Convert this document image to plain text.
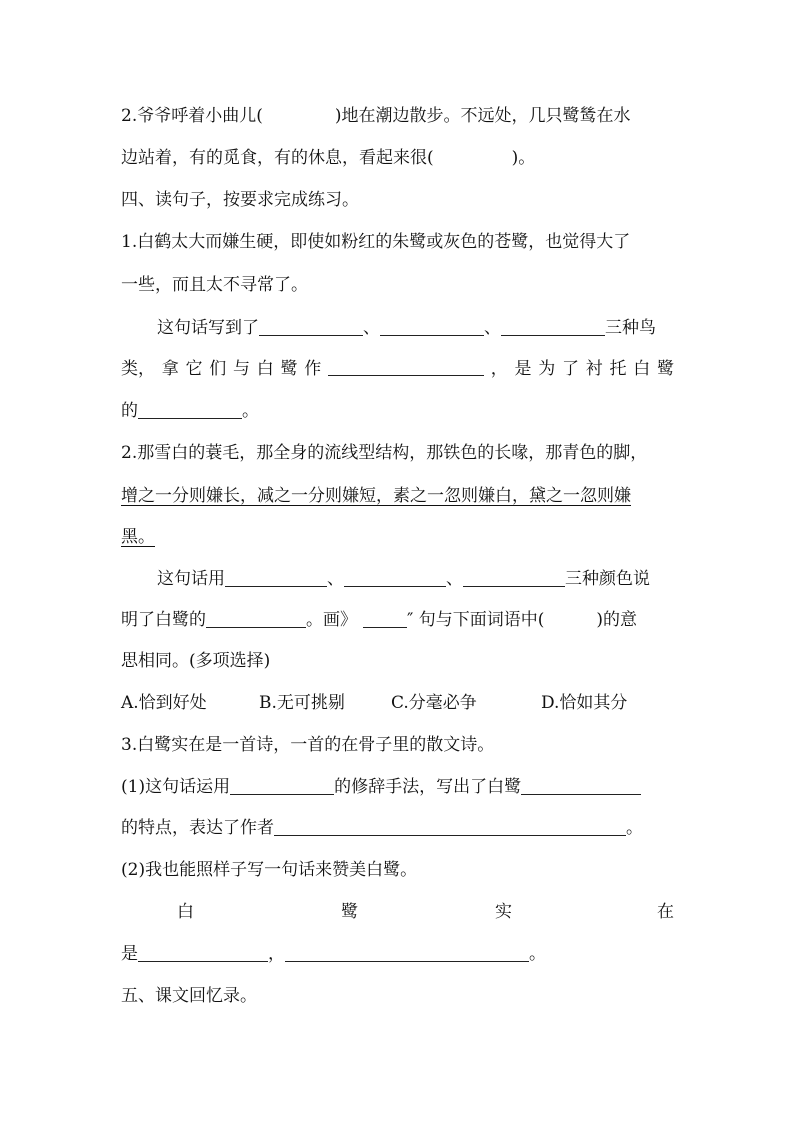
2.爷爷呼着小曲儿(	)地在潮边散步。不远处，几只鹭鸶在水
边站着，有的觅食，有的休息，看起来很(	)。
四、读句子，按要求完成练习。
1.白鹤太大而嫌生硬，即使如粉红的朱鹭或灰色的苍鹭，也觉得大了
一些，而且太不寻常了。
这句话写到了	、	、	三种鸟
类， 拿 它 们 与 白 鹭 作	， 是 为 了 衬 托 白 鹭
的	。
2.那雪白的蓑毛，那全身的流线型结构，那铁色的长喙，那青色的脚，
增之一分则嫌长，减之一分则嫌短，素之一忽则嫌白，黛之一忽则嫌
黑。
这句话用	、	、	三种颜色说
明了白鹭的	。画》	″ 句与下面词语中(	)的意
思相同。(多项选择)
A.恰到好处	B.无可挑剔	C.分毫必争	D.恰如其分
3.白鹭实在是一首诗，一首的在骨子里的散文诗。
(1)这句话运用	的修辞手法，写出了白鹭
的特点，表达了作者	。
(2)我也能照样子写一句话来赞美白鹭。
白	鹭	实	在
是	，	。
五、课文回忆录。
